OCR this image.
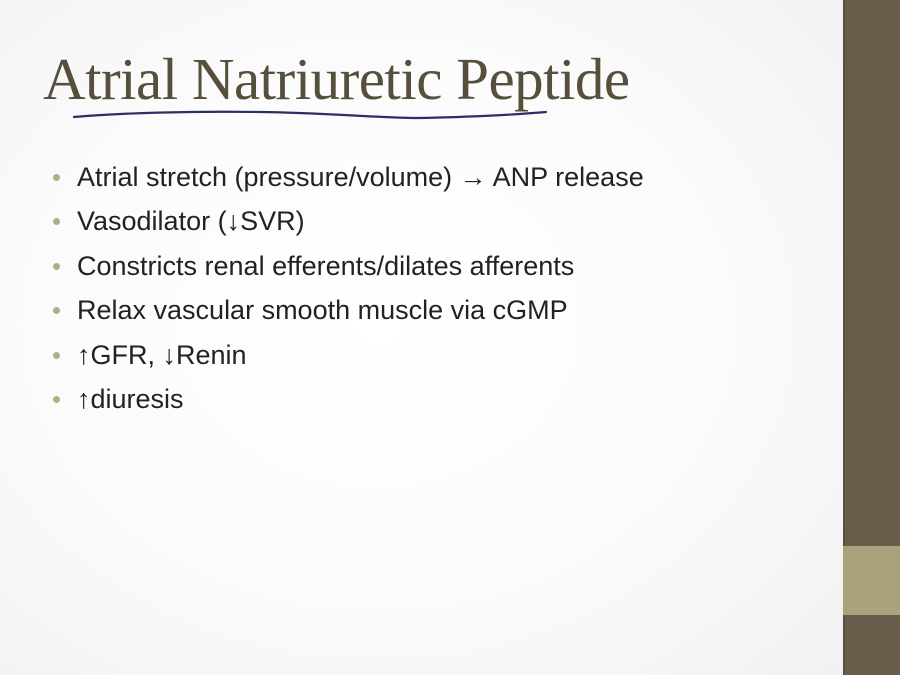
Atrial Natriuretic Peptide
Atrial stretch (pressure/volume) → ANP release
Vasodilator (↓SVR)
Constricts renal efferents/dilates afferents
Relax vascular smooth muscle via cGMP
↑GFR, ↓Renin
↑diuresis
